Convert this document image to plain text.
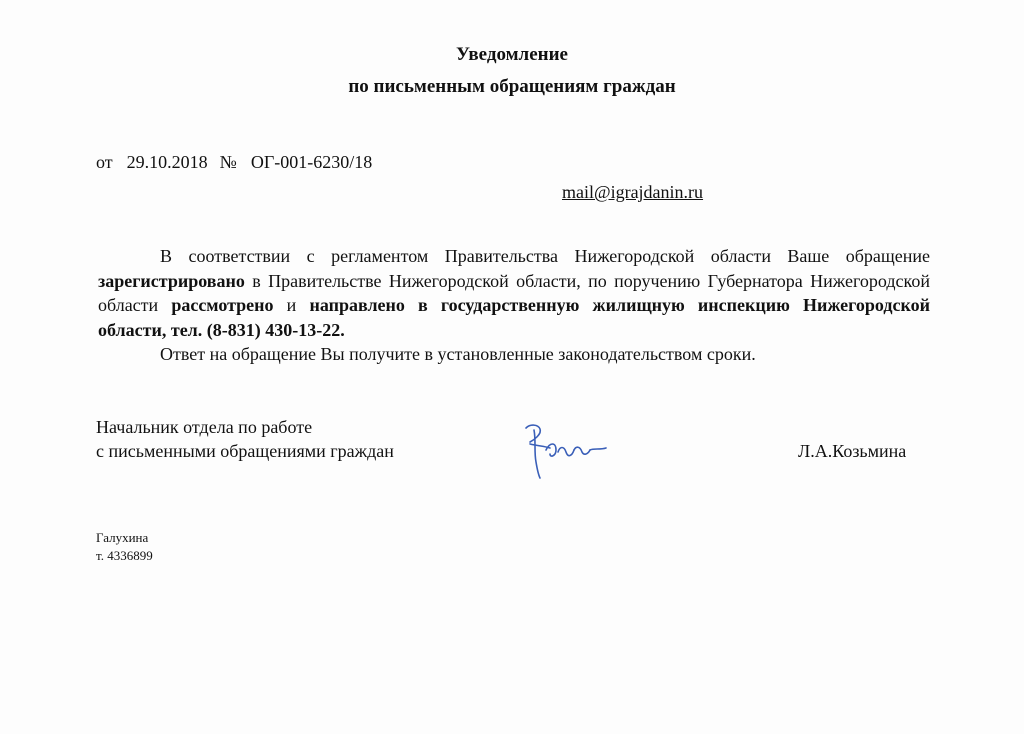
Уведомление
по письменным обращениям граждан
от 29.10.2018 № ОГ-001-6230/18
mail@igrajdanin.ru

В соответствии с регламентом Правительства Нижегородской области Ваше обращение зарегистрировано в Правительстве Нижегородской области, по поручению Губернатора Нижегородской области рассмотрено и направлено в государственную жилищную инспекцию Нижегородской области, тел. (8-831) 430-13-22.

Ответ на обращение Вы получите в установленные законодательством сроки.

Начальник отдела по работе
с письменными обращениями граждан	Л.А.Козьмина
Галухина
т. 4336899
